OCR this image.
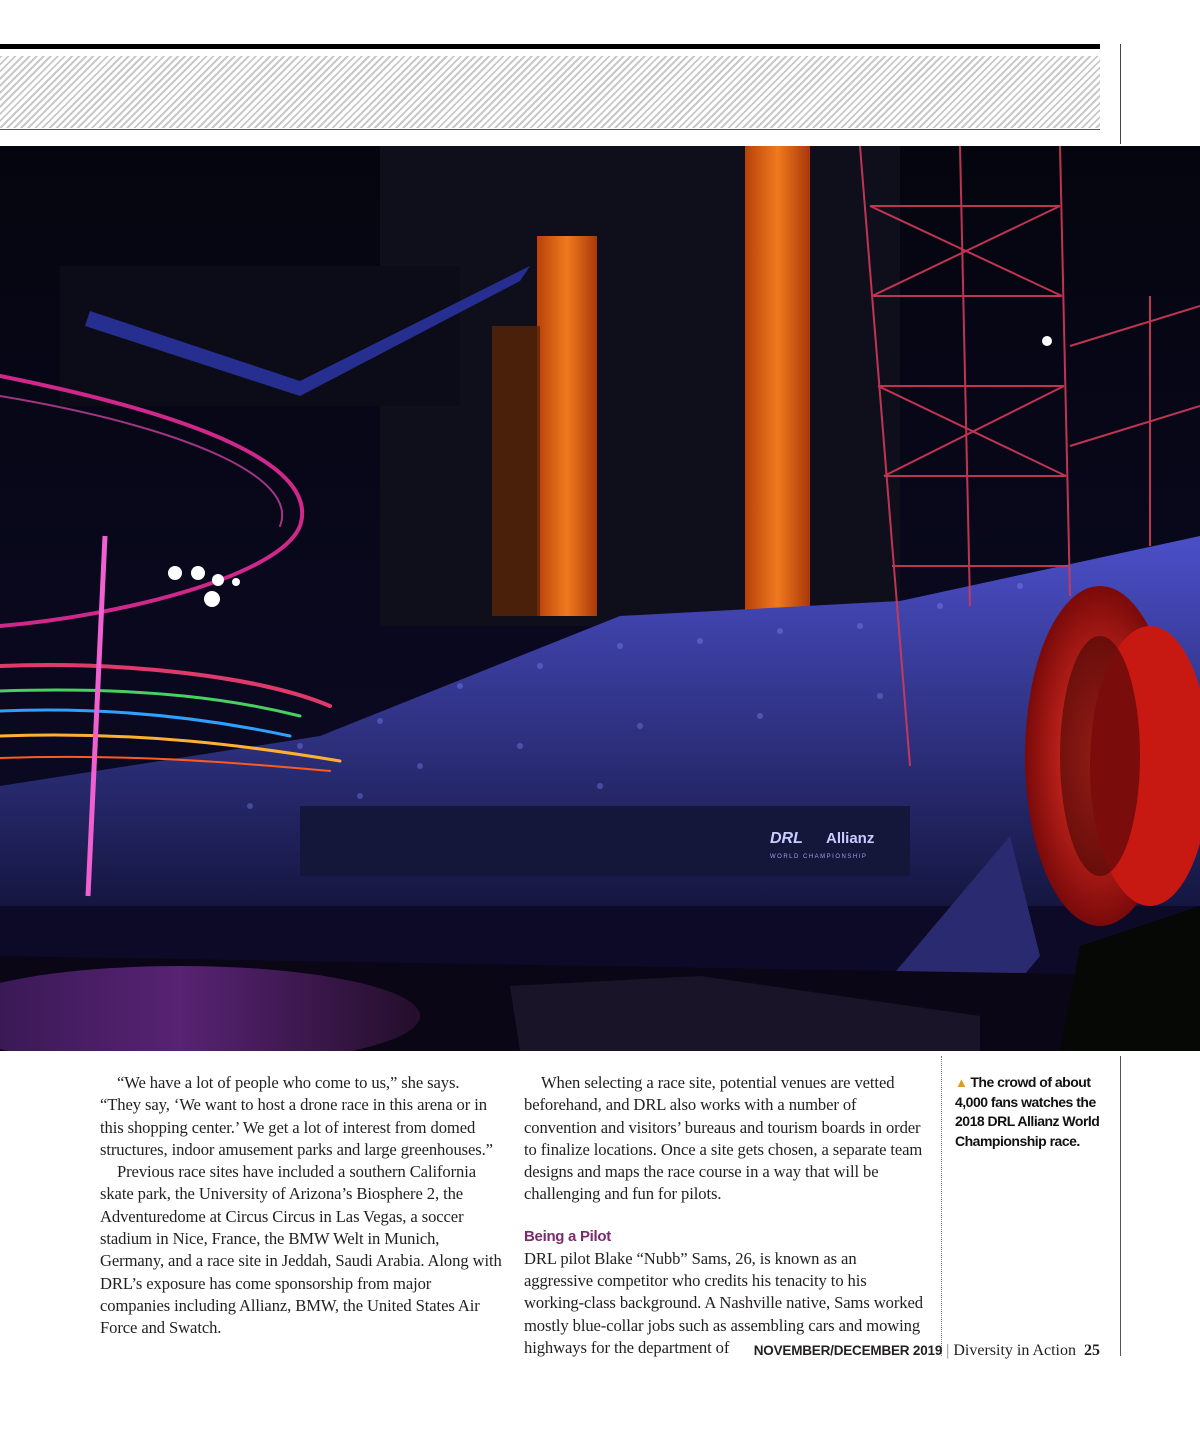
DRL Allianz
WORLD CHAMPIONSHIP

“We have a lot of people who come to us,” she says. “They say, ‘We want to host a drone race in this arena or in this shopping center.’ We get a lot of interest from domed structures, indoor amusement parks and large greenhouses.”

Previous race sites have included a southern California skate park, the University of Arizona’s Biosphere 2, the Adventuredome at Circus Circus in Las Vegas, a soccer stadium in Nice, France, the BMW Welt in Munich, Germany, and a race site in Jeddah, Saudi Arabia. Along with DRL’s exposure has come sponsorship from major companies including Allianz, BMW, the United States Air Force and Swatch.

When selecting a race site, potential venues are vetted beforehand, and DRL also works with a number of convention and visitors’ bureaus and tourism boards in order to finalize locations. Once a site gets chosen, a separate team designs and maps the race course in a way that will be challenging and fun for pilots.

Being a Pilot

DRL pilot Blake “Nubb” Sams, 26, is known as an aggressive competitor who credits his tenacity to his working-class background. A Nashville native, Sams worked mostly blue-collar jobs such as assembling cars and mowing highways for the department of

▲ The crowd of about 4,000 fans watches the 2018 DRL Allianz World Championship race.
NOVEMBER/DECEMBER 2019 | Diversity in Action 25
